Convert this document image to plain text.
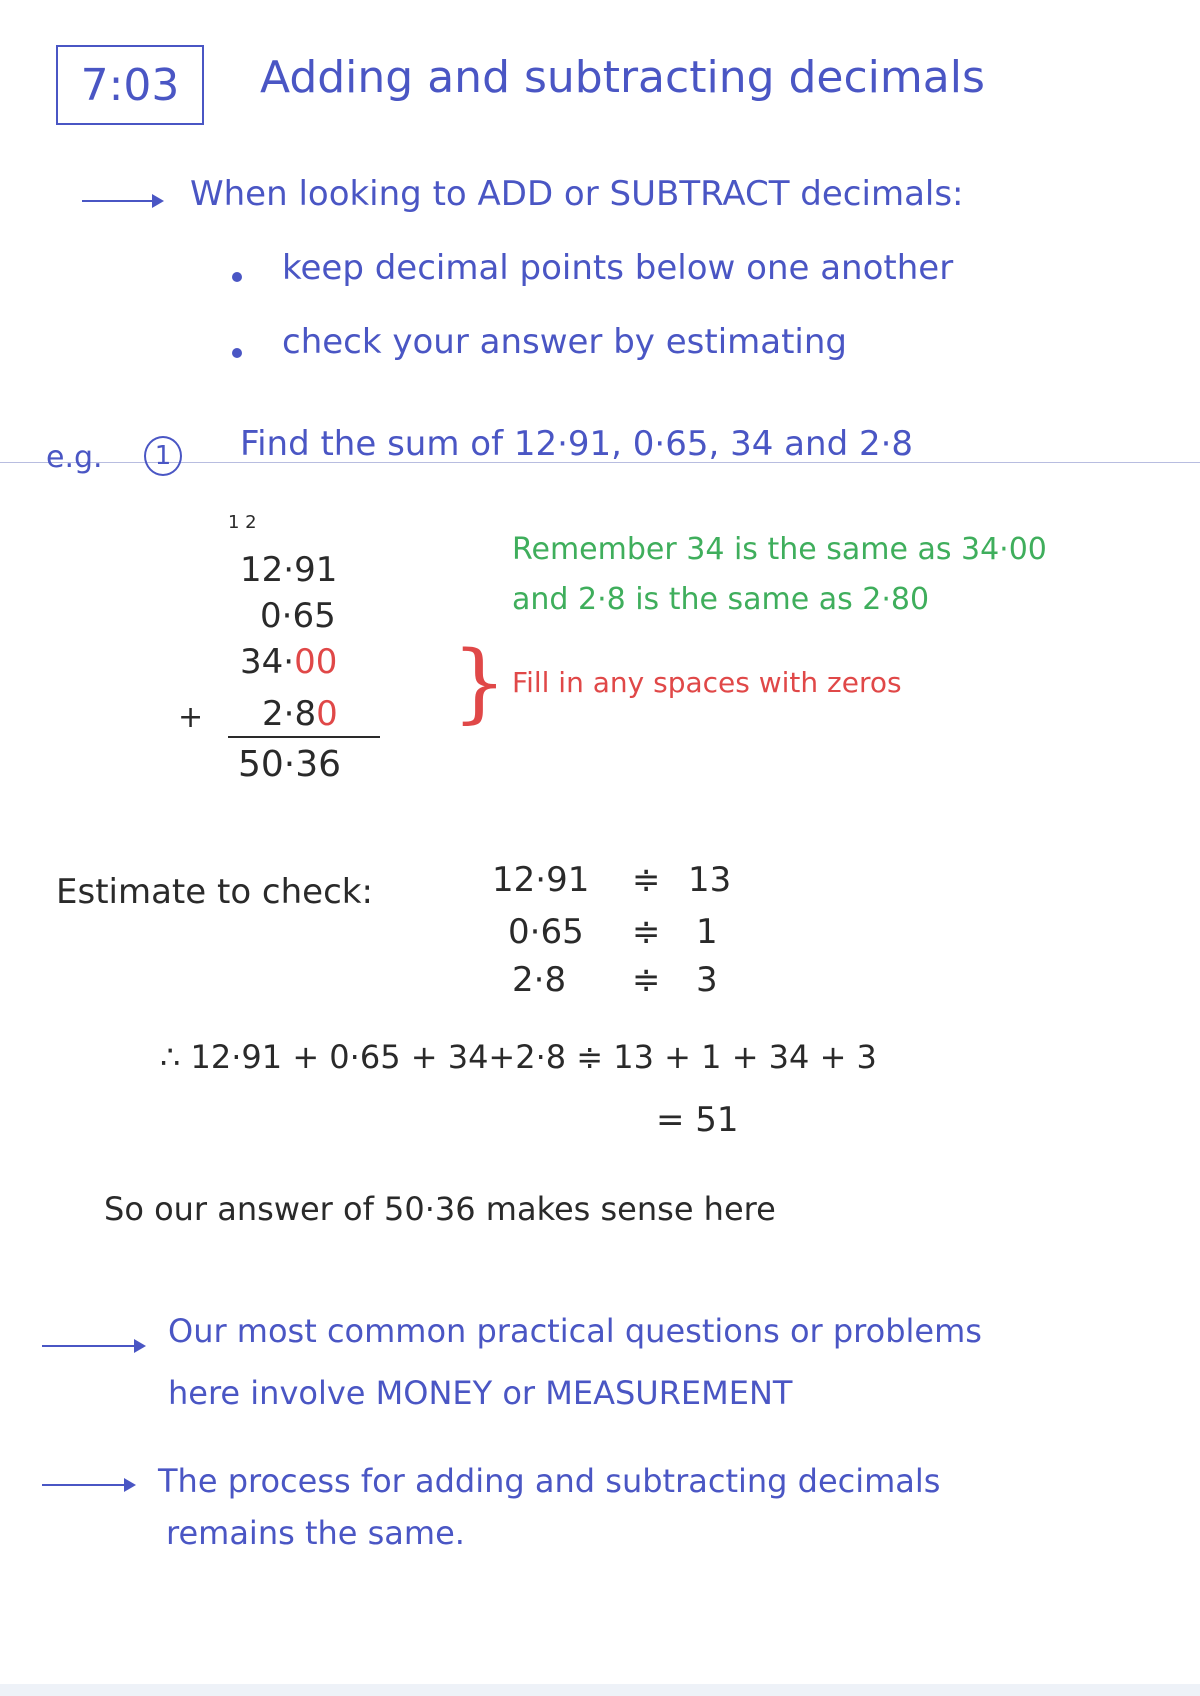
7:03	Adding and subtracting decimals
When looking to ADD or SUBTRACT decimals:
keep decimal points below one another
check your answer by estimating
e.g.	1	Find the sum of 12·91, 0·65, 34 and 2·8
1 2
12·91
0·65
34·00
+ 2·80
50·36
}
Remember 34 is the same as 34·00
and 2·8 is the same as 2·80
Fill in any spaces with zeros
Estimate to check:	12·91 ≑ 13
0·65 ≑ 1
2·8 ≑ 3
∴ 12·91 + 0·65 + 34+2·8 ≑ 13 + 1 + 34 + 3
= 51
So our answer of 50·36 makes sense here
Our most common practical questions or problems
here involve MONEY or MEASUREMENT
The process for adding and subtracting decimals
remains the same.
